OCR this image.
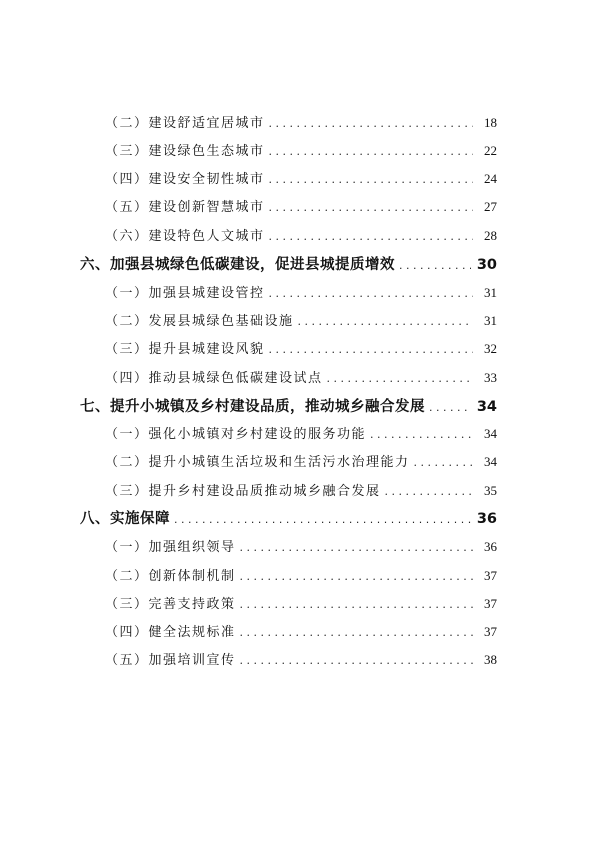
（二）建设舒适宜居城市 . . .	18
（三）建设绿色生态城市 . . .	22
（四）建设安全韧性城市 . . .	24
（五）建设创新智慧城市 . . .	27
（六）建设特色人文城市 . . .	28
六、加强县城绿色低碳建设，促进县城提质增效 . . .	30
（一）加强县城建设管控 . . .	31
（二）发展县城绿色基础设施 . . .	31
（三）提升县城建设风貌 . . .	32
（四）推动县城绿色低碳建设试点 . . .	33
七、提升小城镇及乡村建设品质，推动城乡融合发展 . . .	34
（一）强化小城镇对乡村建设的服务功能 . . .	34
（二）提升小城镇生活垃圾和生活污水治理能力 . . .	34
（三）提升乡村建设品质推动城乡融合发展 . . .	35
八、实施保障 . . .	36
（一）加强组织领导 . . .	36
（二）创新体制机制 . . .	37
（三）完善支持政策 . . .	37
（四）健全法规标准 . . .	37
（五）加强培训宣传 . . .	38
